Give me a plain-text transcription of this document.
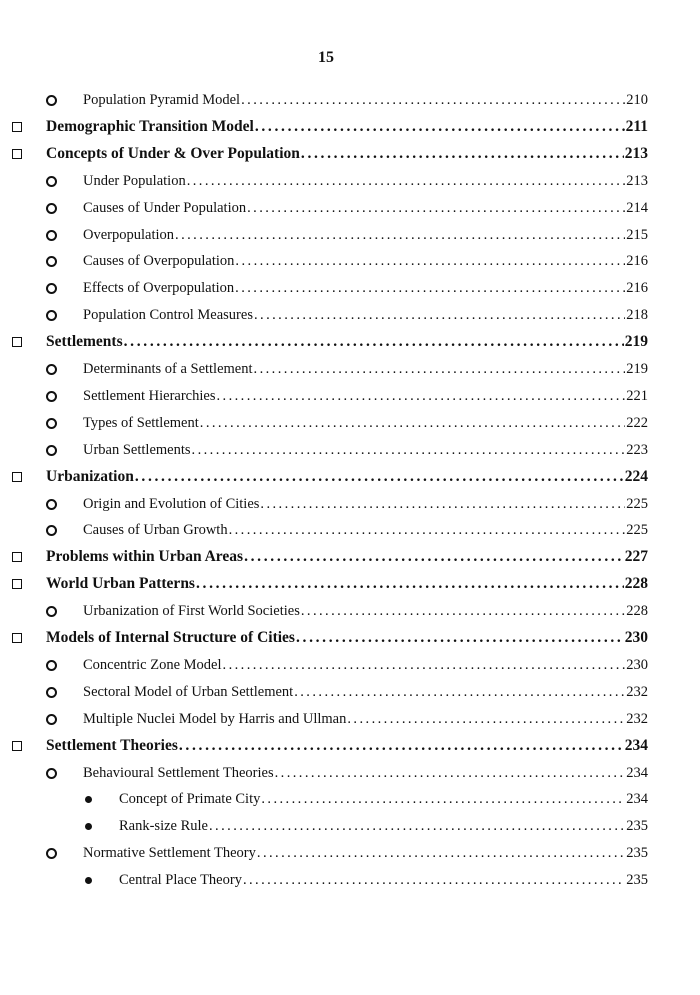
15
Population Pyramid Model . . .	210
Demographic Transition Model . . .	211
Concepts of Under & Over Population . . .	213
Under Population . . .	213
Causes of Under Population . . .	214
Overpopulation . . .	215
Causes of Overpopulation . . .	216
Effects of Overpopulation . . .	216
Population Control Measures . . .	218
Settlements . . .	219
Determinants of a Settlement . . .	219
Settlement Hierarchies . . .	221
Types of Settlement . . .	222
Urban Settlements . . .	223
Urbanization . . .	224
Origin and Evolution of Cities . . .	225
Causes of Urban Growth . . .	225
Problems within Urban Areas . . .	227
World Urban Patterns . . .	228
Urbanization of First World Societies . . .	228
Models of Internal Structure of Cities . . .	230
Concentric Zone Model . . .	230
Sectoral Model of Urban Settlement . . .	232
Multiple Nuclei Model by Harris and Ullman . . .	232
Settlement Theories . . .	234
Behavioural Settlement Theories . . .	234
Concept of Primate City . . .	234
Rank-size Rule . . .	235
Normative Settlement Theory . . .	235
Central Place Theory . . .	235
